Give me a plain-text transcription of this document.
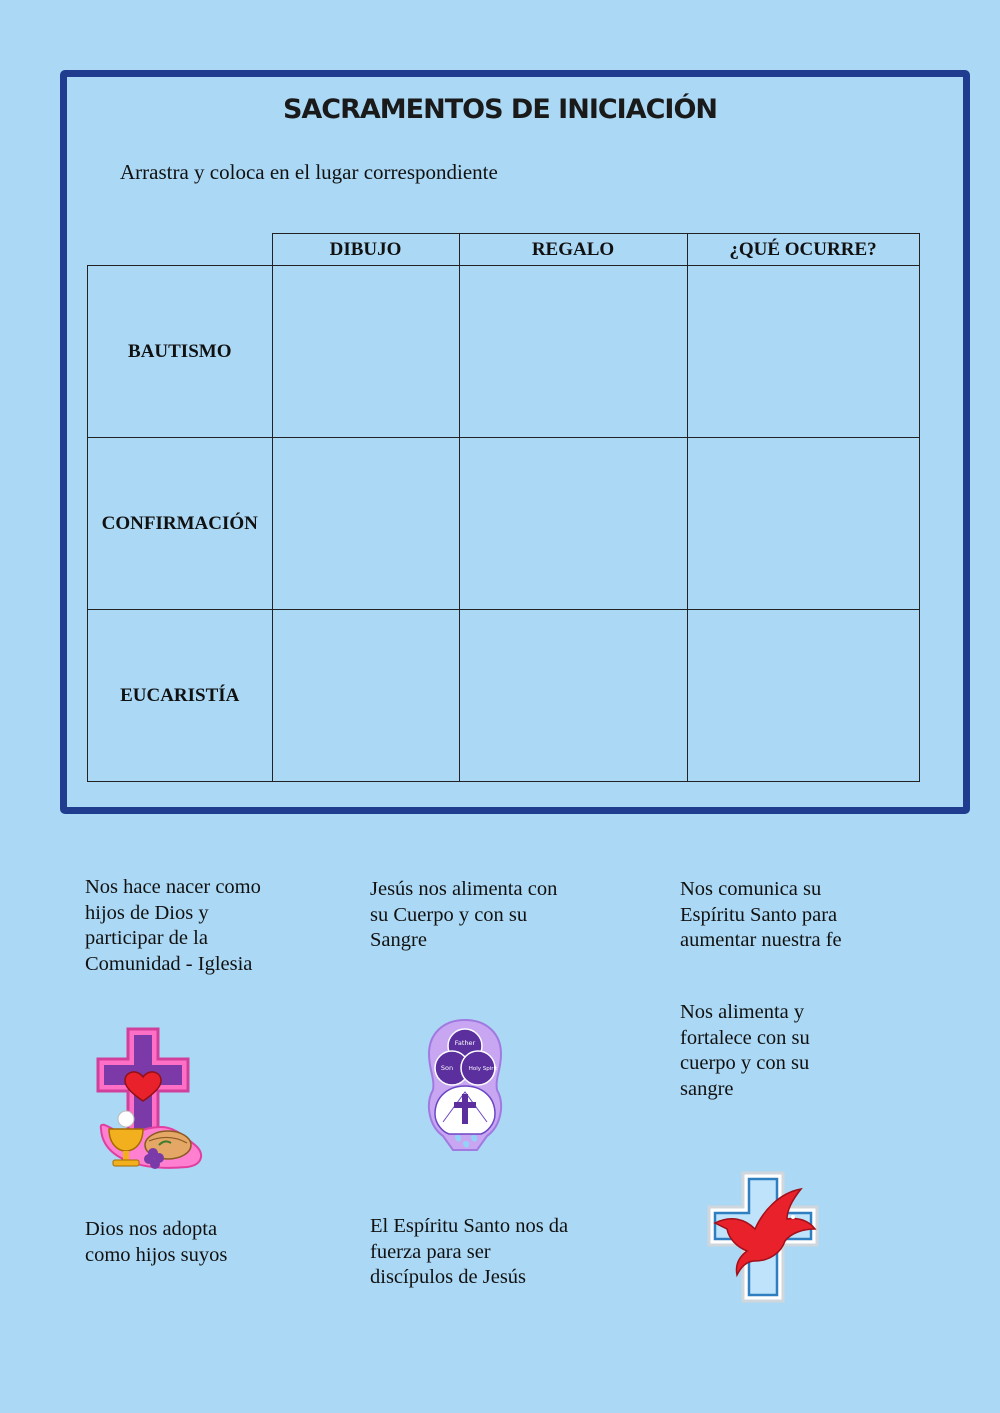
SACRAMENTOS DE INICIACIÓN
Arrastra y coloca en el lugar correspondiente
	DIBUJO	REGALO	¿QUÉ OCURRE?
BAUTISMO			
CONFIRMACIÓN			
EUCARISTÍA			
Nos hace nacer como hijos de Dios y participar de la Comunidad - Iglesia
Jesús nos alimenta con su Cuerpo y con su Sangre
Nos comunica su Espíritu Santo para aumentar nuestra fe
Nos alimenta y fortalece con su cuerpo y con su sangre
Dios nos adopta como hijos suyos
El Espíritu Santo nos da fuerza para ser discípulos de Jesús
Father
Son	Holy Spirit
